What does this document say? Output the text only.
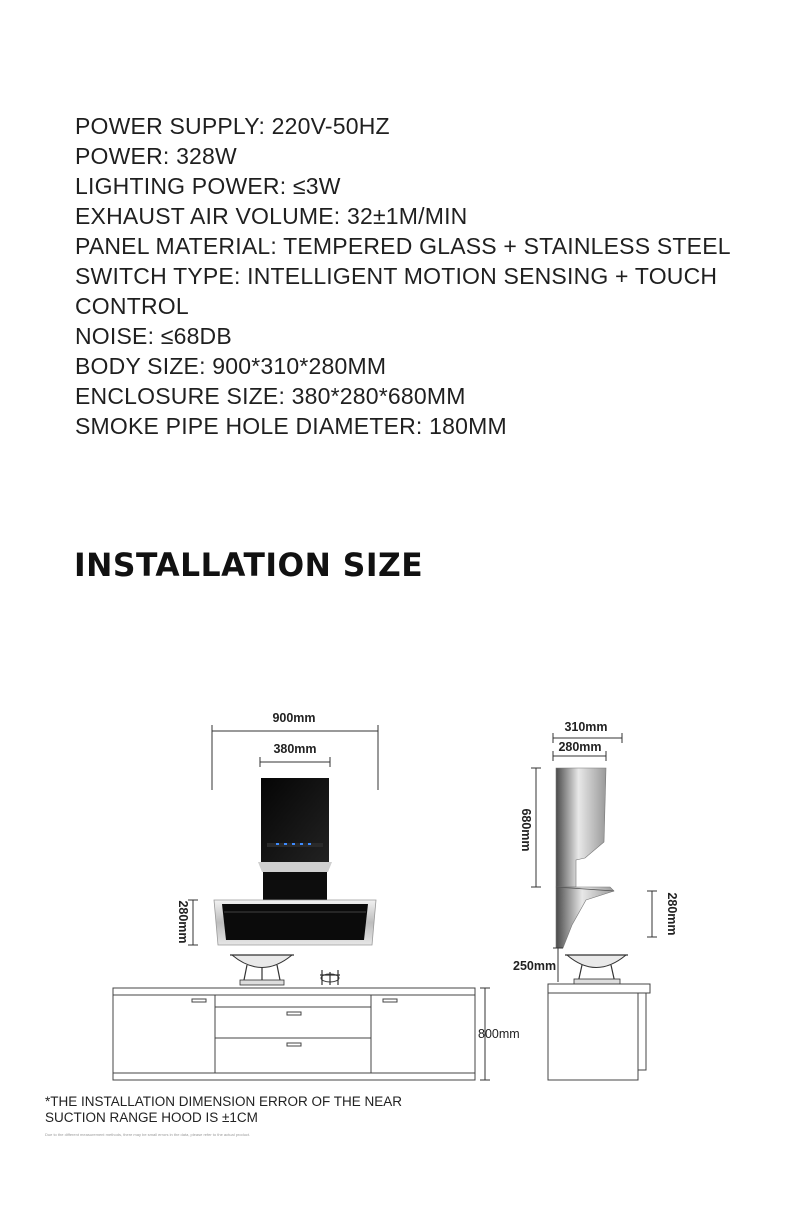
POWER SUPPLY: 220V-50HZ
POWER: 328W
LIGHTING POWER: ≤3W
EXHAUST AIR VOLUME: 32±1M/MIN
PANEL MATERIAL: TEMPERED GLASS + STAINLESS STEEL
SWITCH TYPE: INTELLIGENT MOTION SENSING + TOUCH CONTROL
NOISE: ≤68DB
BODY SIZE: 900*310*280MM
ENCLOSURE SIZE: 380*280*680MM
SMOKE PIPE HOLE DIAMETER: 180MM
INSTALLATION SIZE
900mm
380mm
280mm
800mm
310mm
280mm
680mm
280mm
250mm
*THE INSTALLATION DIMENSION ERROR OF THE NEAR SUCTION RANGE HOOD IS ±1CM
Due to the different measurement methods, there may be small errors in the data, please refer to the actual product.
